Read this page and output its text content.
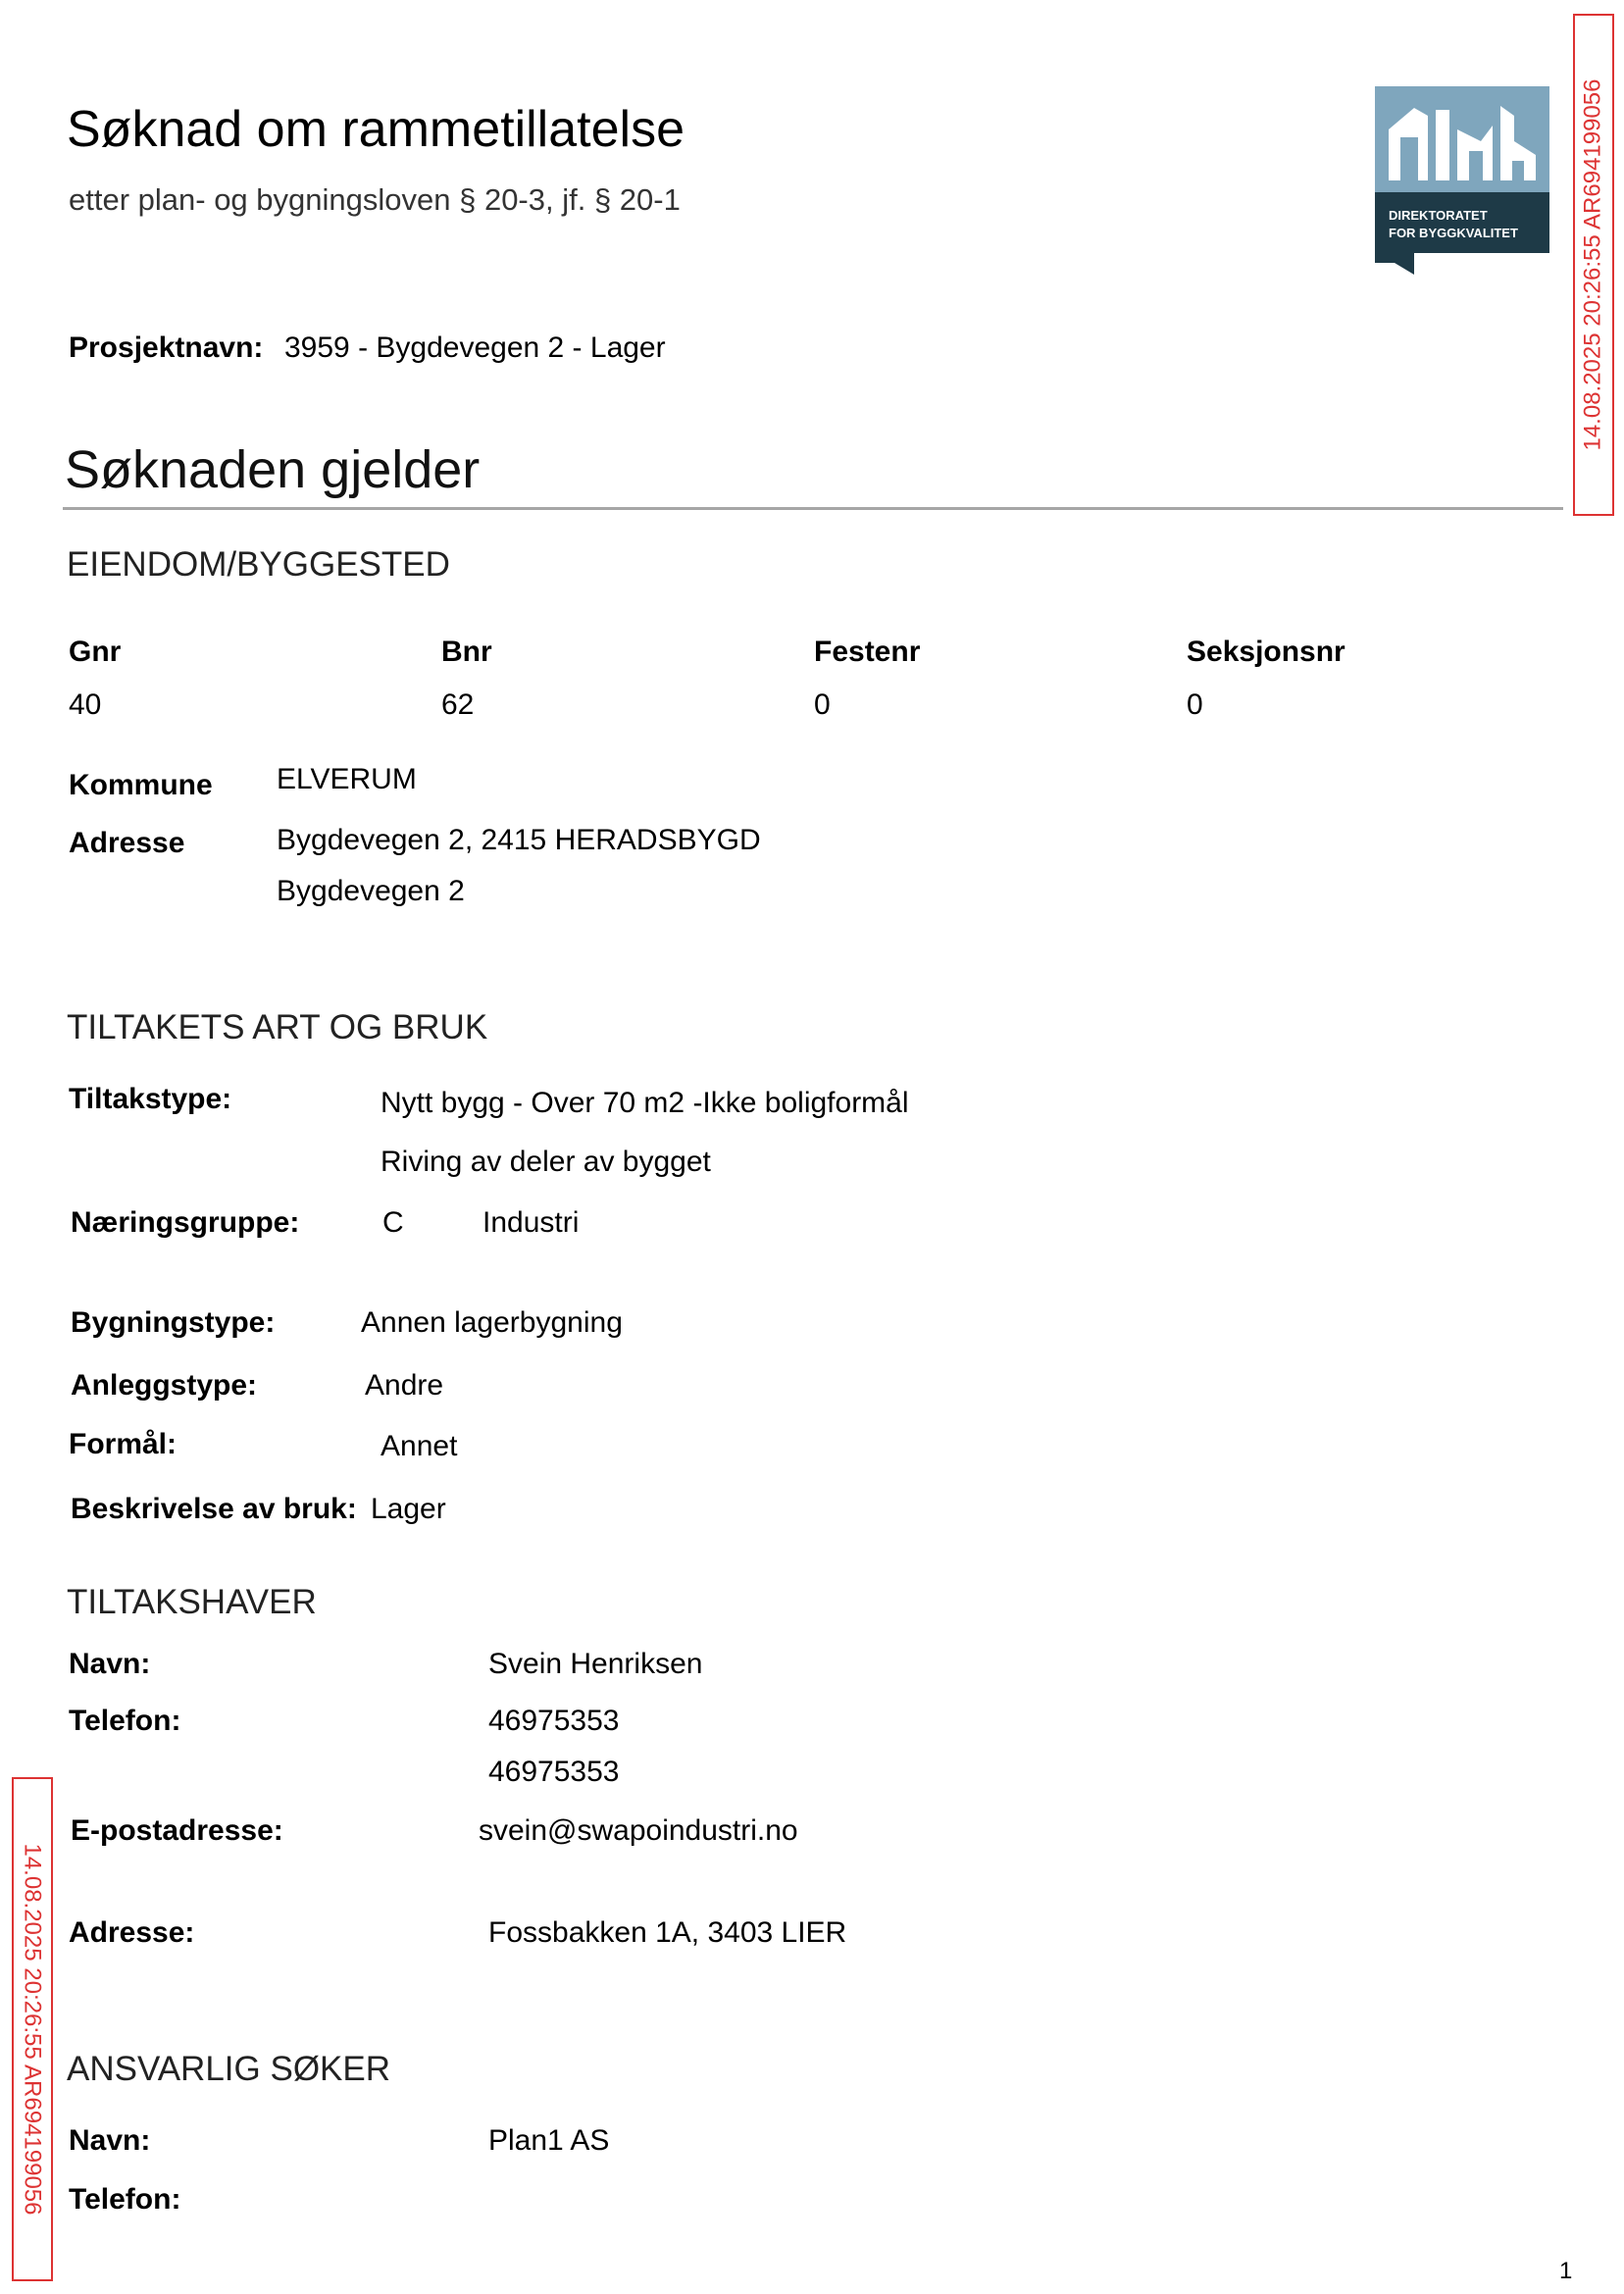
Søknad om rammetillatelse
etter plan- og bygningsloven § 20-3, jf. § 20-1	DIREKTORATET
FOR BYGGKVALITET	14.08.2025 20:26:55 AR694199056
14.08.2025 20:26:55 AR694199056
Prosjektnavn: 3959 - Bygdevegen 2 - Lager
Søknaden gjelder
EIENDOM/BYGGESTED
Gnr	Bnr	Festenr	Seksjonsnr
40	62	0	0
Kommune ELVERUM
Adresse	Bygdevegen 2, 2415 HERADSBYGD
Bygdevegen 2
TILTAKETS ART OG BRUK
Tiltakstype:	Nytt bygg - Over 70 m2 -Ikke boligformål
Riving av deler av bygget
Næringsgruppe:	C	Industri
Bygningstype:	Annen lagerbygning
Anleggstype:	Andre
Formål:	Annet
Beskrivelse av bruk: Lager
TILTAKSHAVER
Navn:	Svein Henriksen
Telefon:	46975353
46975353
E-postadresse:	svein@swapoindustri.no
Adresse:	Fossbakken 1A, 3403 LIER
ANSVARLIG SØKER
Navn:	Plan1 AS
Telefon:
1
